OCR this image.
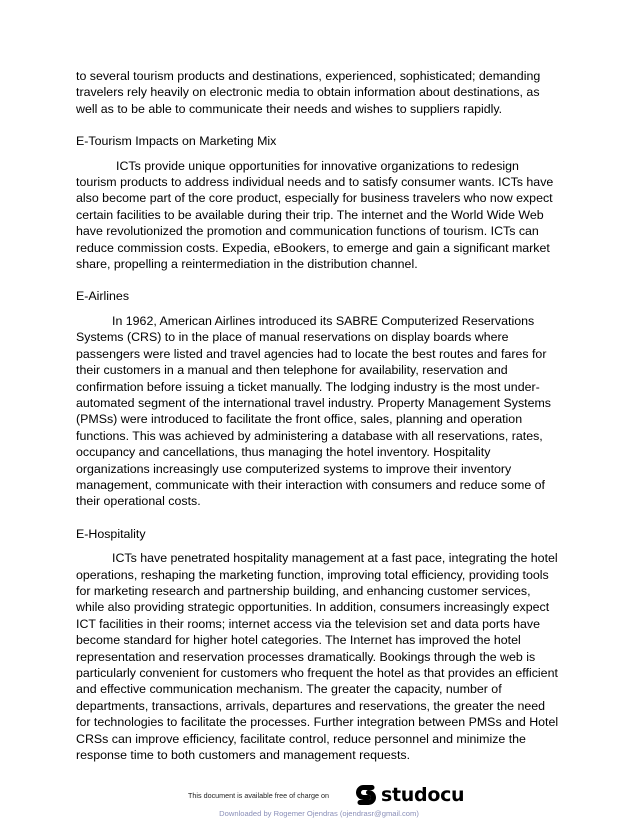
to several tourism products and destinations, experienced, sophisticated; demanding travelers rely heavily on electronic media to obtain information about destinations, as well as to be able to communicate their needs and wishes to suppliers rapidly.

E-Tourism Impacts on Marketing Mix

ICTs provide unique opportunities for innovative organizations to redesign tourism products to address individual needs and to satisfy consumer wants. ICTs have also become part of the core product, especially for business travelers who now expect certain facilities to be available during their trip. The internet and the World Wide Web have revolutionized the promotion and communication functions of tourism. ICTs can reduce commission costs. Expedia, eBookers, to emerge and gain a significant market share, propelling a reintermediation in the distribution channel.

E-Airlines

In 1962, American Airlines introduced its SABRE Computerized Reservations Systems (CRS) to in the place of manual reservations on display boards where passengers were listed and travel agencies had to locate the best routes and fares for their customers in a manual and then telephone for availability, reservation and confirmation before issuing a ticket manually. The lodging industry is the most under-automated segment of the international travel industry. Property Management Systems (PMSs) were introduced to facilitate the front office, sales, planning and operation functions. This was achieved by administering a database with all reservations, rates, occupancy and cancellations, thus managing the hotel inventory. Hospitality organizations increasingly use computerized systems to improve their inventory management, communicate with their interaction with consumers and reduce some of their operational costs.

E-Hospitality

ICTs have penetrated hospitality management at a fast pace, integrating the hotel operations, reshaping the marketing function, improving total efficiency, providing tools for marketing research and partnership building, and enhancing customer services, while also providing strategic opportunities. In addition, consumers increasingly expect ICT facilities in their rooms; internet access via the television set and data ports have become standard for higher hotel categories. The Internet has improved the hotel representation and reservation processes dramatically. Bookings through the web is particularly convenient for customers who frequent the hotel as that provides an efficient and effective communication mechanism. The greater the capacity, number of departments, transactions, arrivals, departures and reservations, the greater the need for technologies to facilitate the processes. Further integration between PMSs and Hotel CRSs can improve efficiency, facilitate control, reduce personnel and minimize the response time to both customers and management requests.

This document is available free of charge on	studocu
Downloaded by Rogemer Ojendras (ojendrasr@gmail.com)
